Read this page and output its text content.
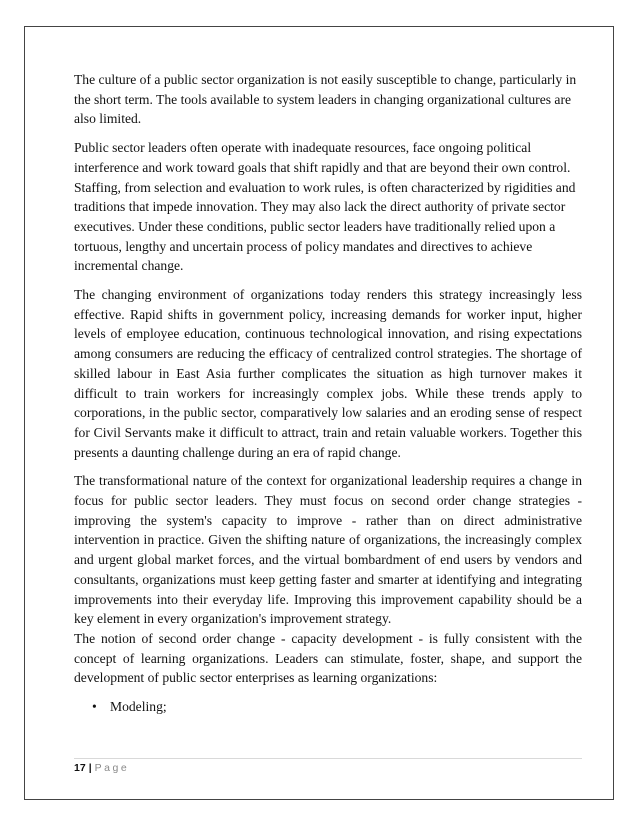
The culture of a public sector organization is not easily susceptible to change, particularly in the short term. The tools available to system leaders in changing organizational cultures are also limited.

Public sector leaders often operate with inadequate resources, face ongoing political interference and work toward goals that shift rapidly and that are beyond their own control. Staffing, from selection and evaluation to work rules, is often characterized by rigidities and traditions that impede innovation. They may also lack the direct authority of private sector executives. Under these conditions, public sector leaders have traditionally relied upon a tortuous, lengthy and uncertain process of policy mandates and directives to achieve incremental change.

The changing environment of organizations today renders this strategy increasingly less effective. Rapid shifts in government policy, increasing demands for worker input, higher levels of employee education, continuous technological innovation, and rising expectations among consumers are reducing the efficacy of centralized control strategies. The shortage of skilled labour in East Asia further complicates the situation as high turnover makes it difficult to train workers for increasingly complex jobs. While these trends apply to corporations, in the public sector, comparatively low salaries and an eroding sense of respect for Civil Servants make it difficult to attract, train and retain valuable workers. Together this presents a daunting challenge during an era of rapid change.

The transformational nature of the context for organizational leadership requires a change in focus for public sector leaders. They must focus on second order change strategies - improving the system's capacity to improve - rather than on direct administrative intervention in practice. Given the shifting nature of organizations, the increasingly complex and urgent global market forces, and the virtual bombardment of end users by vendors and consultants, organizations must keep getting faster and smarter at identifying and integrating improvements into their everyday life. Improving this improvement capability should be a key element in every organization's improvement strategy.

The notion of second order change - capacity development - is fully consistent with the concept of learning organizations. Leaders can stimulate, foster, shape, and support the development of public sector enterprises as learning organizations:

• Modeling;
17 | Page
